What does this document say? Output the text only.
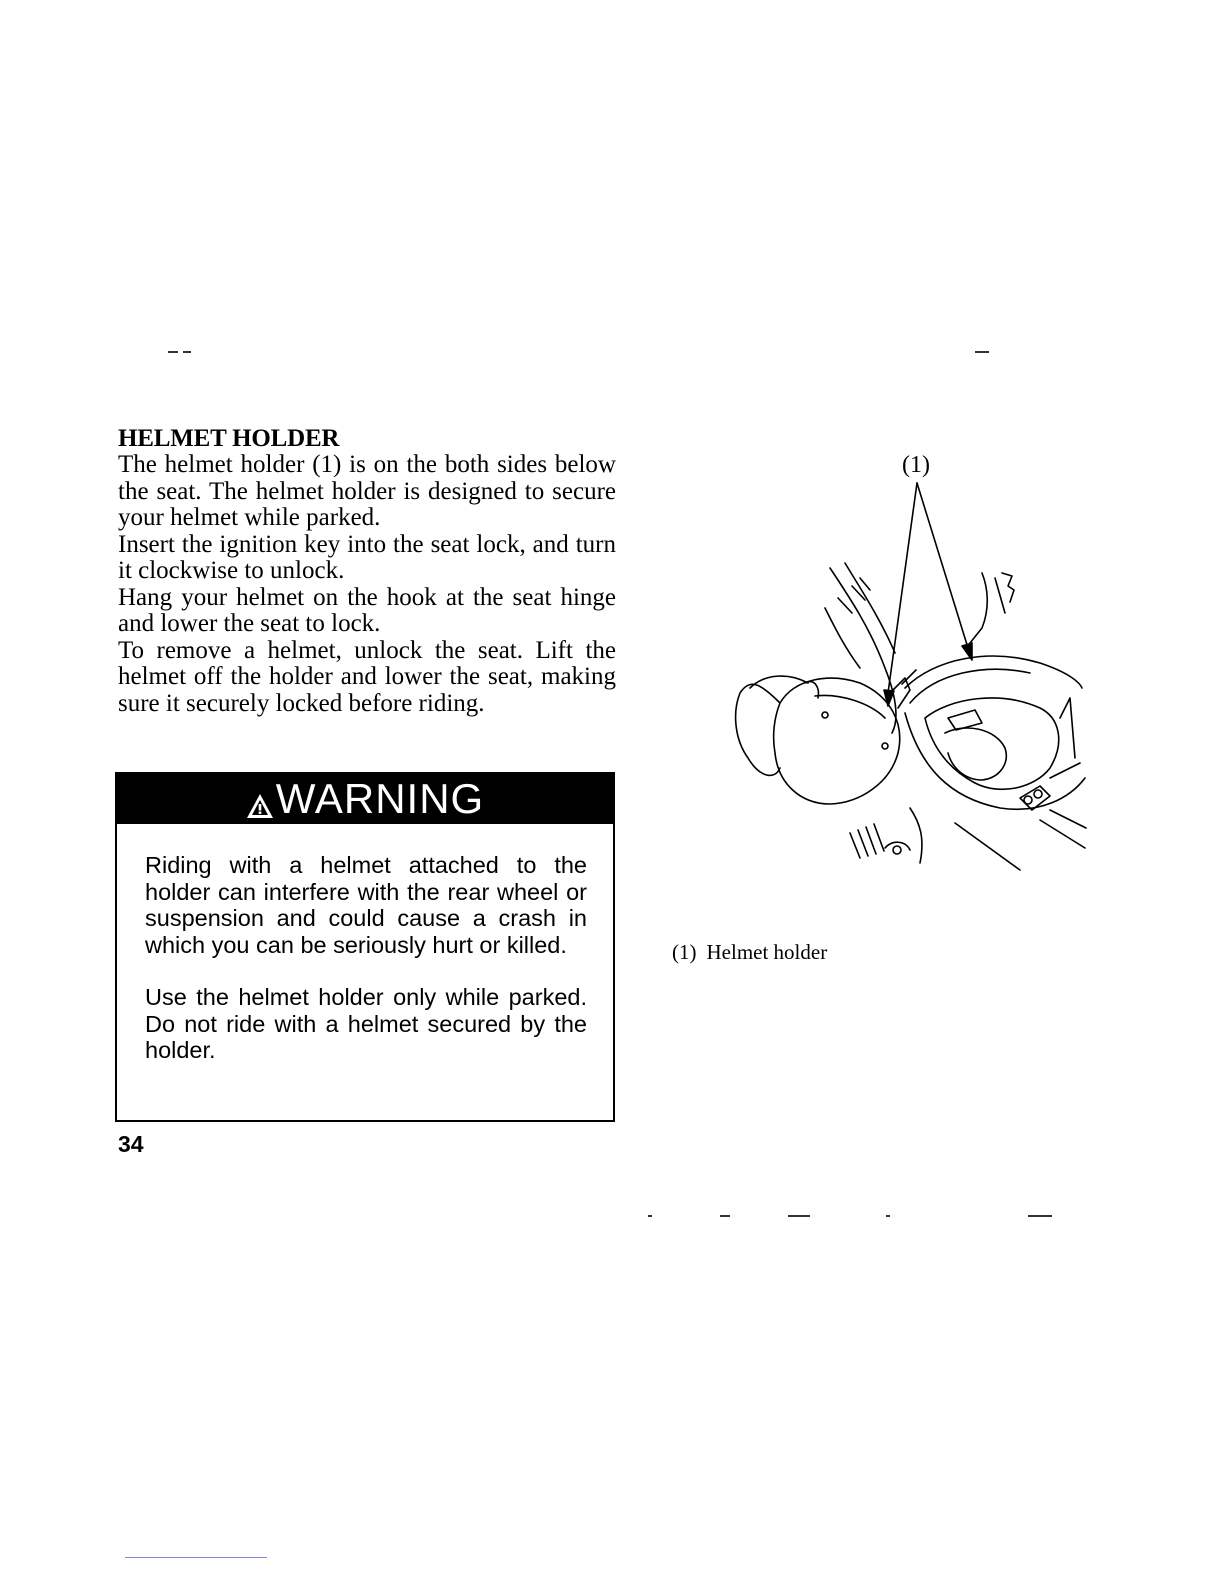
HELMET HOLDER

The helmet holder (1) is on the both sides below the seat. The helmet holder is designed to secure your helmet while parked.

Insert the ignition key into the seat lock, and turn it clockwise to unlock.

Hang your helmet on the hook at the seat hinge and lower the seat to lock.

To remove a helmet, unlock the seat. Lift the helmet off the holder and lower the seat, making sure it securely locked before riding.

WARNING

Riding with a helmet attached to the holder can interfere with the rear wheel or suspension and could cause a crash in which you can be seriously hurt or killed.

Use the helmet holder only while parked. Do not ride with a helmet secured by the holder.

34
(1)
(1) Helmet holder
